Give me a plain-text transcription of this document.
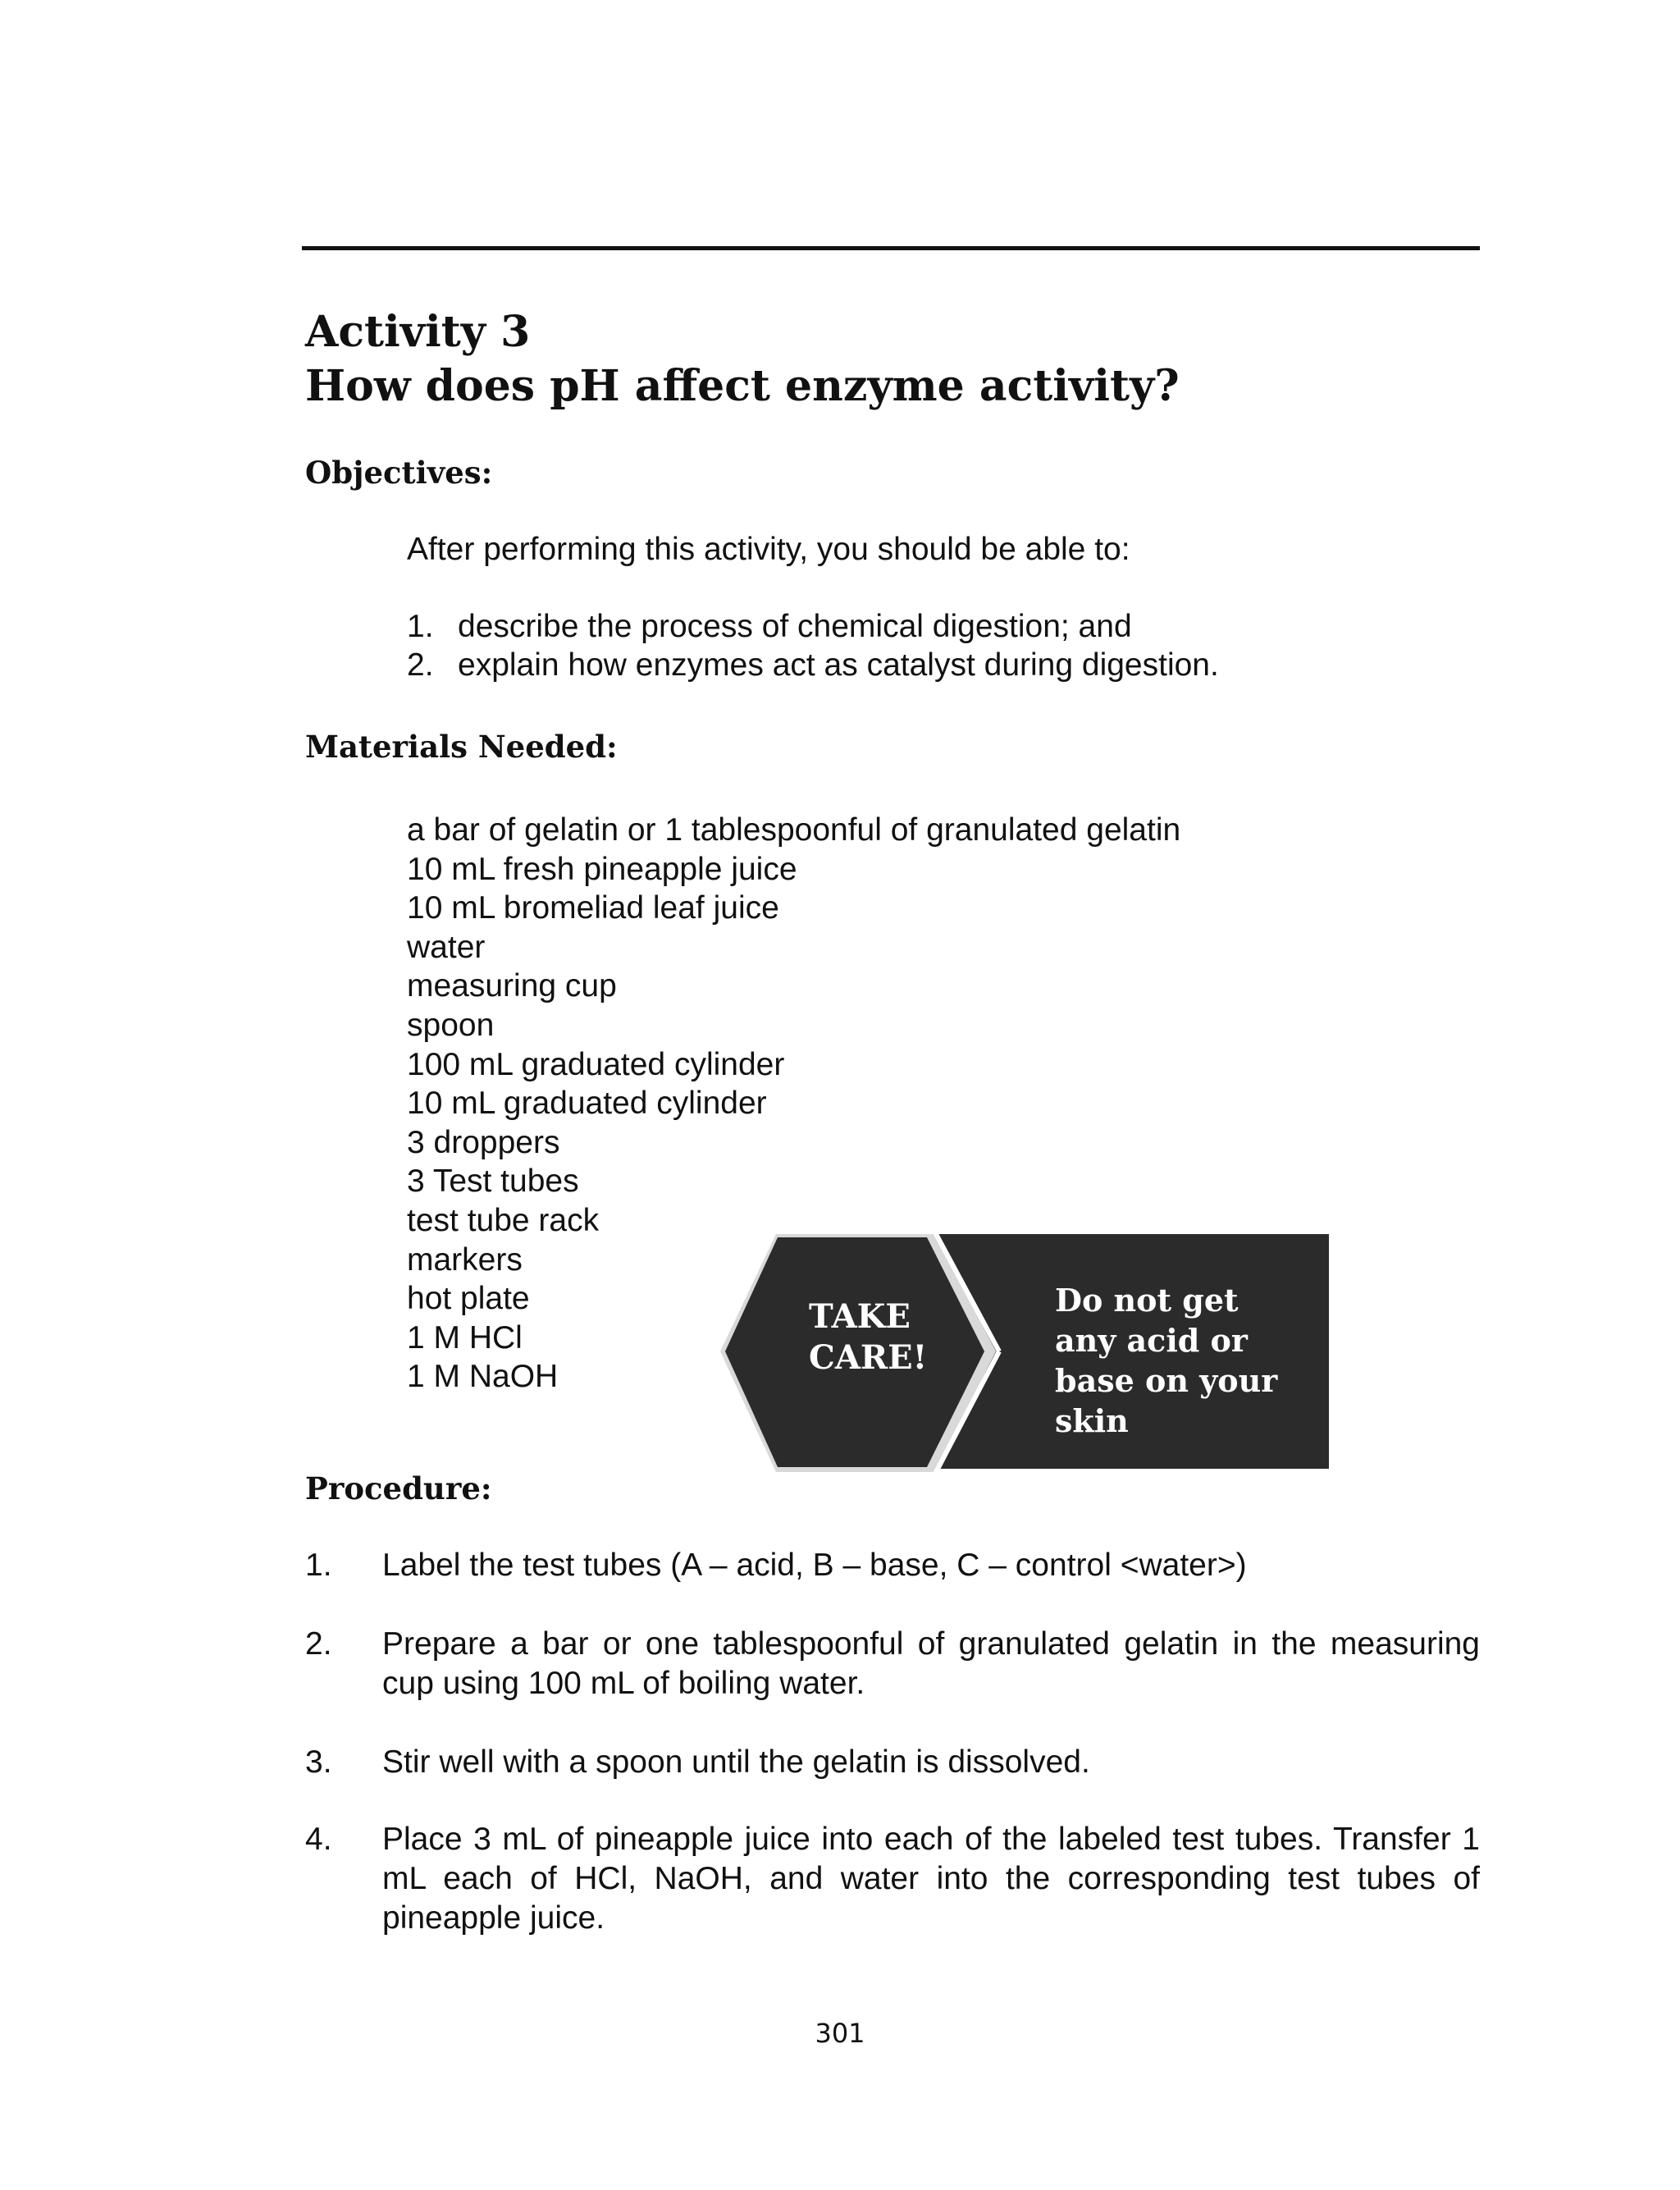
Activity 3
How does pH affect enzyme activity?
Objectives:
After performing this activity, you should be able to:
1. describe the process of chemical digestion; and
2. explain how enzymes act as catalyst during digestion.
Materials Needed:
a bar of gelatin or 1 tablespoonful of granulated gelatin
10 mL fresh pineapple juice
10 mL bromeliad leaf juice
water
measuring cup
spoon
100 mL graduated cylinder
10 mL graduated cylinder
3 droppers
3 Test tubes
test tube rack
markers
hot plate
1 M HCl
1 M NaOH
TAKE
CARE!
Do not get
any acid or
base on your
skin
Procedure:
1. Label the test tubes (A – acid, B – base, C – control <water>)
2. Prepare a bar or one tablespoonful of granulated gelatin in the measuring cup using 100 mL of boiling water.
3. Stir well with a spoon until the gelatin is dissolved.
4. Place 3 mL of pineapple juice into each of the labeled test tubes. Transfer 1 mL each of HCl, NaOH, and water into the corresponding test tubes of pineapple juice.
301
